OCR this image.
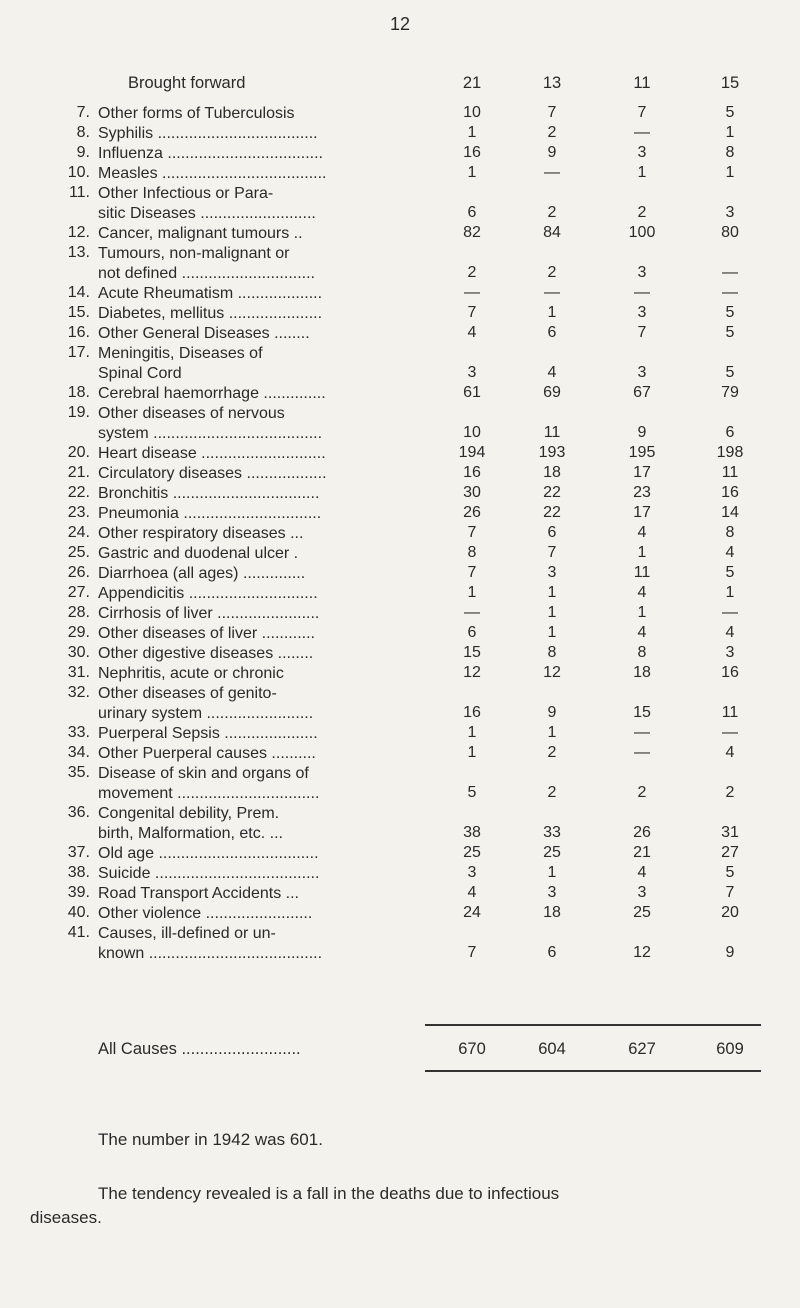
12
Brought forward	21	13	11	15
7. Other forms of Tuberculosis	10	7	7	5
8. Syphilis ....................................	1	2	—	1
9. Influenza ...................................	16	9	3	8
10. Measles .....................................	1	—	1	1
11. Other Infectious or Para-
sitic Diseases ..........................	6	2	2	3
12. Cancer, malignant tumours ..	82	84	100	80
13. Tumours, non-malignant or
not defined ..............................	2	2	3	—
14. Acute Rheumatism ...................	—	—	—	—
15. Diabetes, mellitus .....................	7	1	3	5
16. Other General Diseases ........	4	6	7	5
17. Meningitis, Diseases of
Spinal Cord	3	4	3	5
18. Cerebral haemorrhage ..............	61	69	67	79
19. Other diseases of nervous
system ......................................	10	11	9	6
20. Heart disease ............................	194	193	195	198
21. Circulatory diseases ..................	16	18	17	11
22. Bronchitis .................................	30	22	23	16
23. Pneumonia ...............................	26	22	17	14
24. Other respiratory diseases ...	7	6	4	8
25. Gastric and duodenal ulcer .	8	7	1	4
26. Diarrhoea (all ages) ..............	7	3	11	5
27. Appendicitis .............................	1	1	4	1
28. Cirrhosis of liver .......................	—	1	1	—
29. Other diseases of liver ............	6	1	4	4
30. Other digestive diseases ........	15	8	8	3
31. Nephritis, acute or chronic	12	12	18	16
32. Other diseases of genito-
urinary system ........................	16	9	15	11
33. Puerperal Sepsis .....................	1	1	—	—
34. Other Puerperal causes ..........	1	2	—	4
35. Disease of skin and organs of
movement ................................	5	2	2	2
36. Congenital debility, Prem.
birth, Malformation, etc. ...	38	33	26	31
37. Old age ....................................	25	25	21	27
38. Suicide .....................................	3	1	4	5
39. Road Transport Accidents ...	4	3	3	7
40. Other violence ........................	24	18	25	20
41. Causes, ill-defined or un-
known .......................................	7	6	12	9
All Causes ..........................	670	604	627	609
The number in 1942 was 601.
The tendency revealed is a fall in the deaths due to infectious
diseases.
